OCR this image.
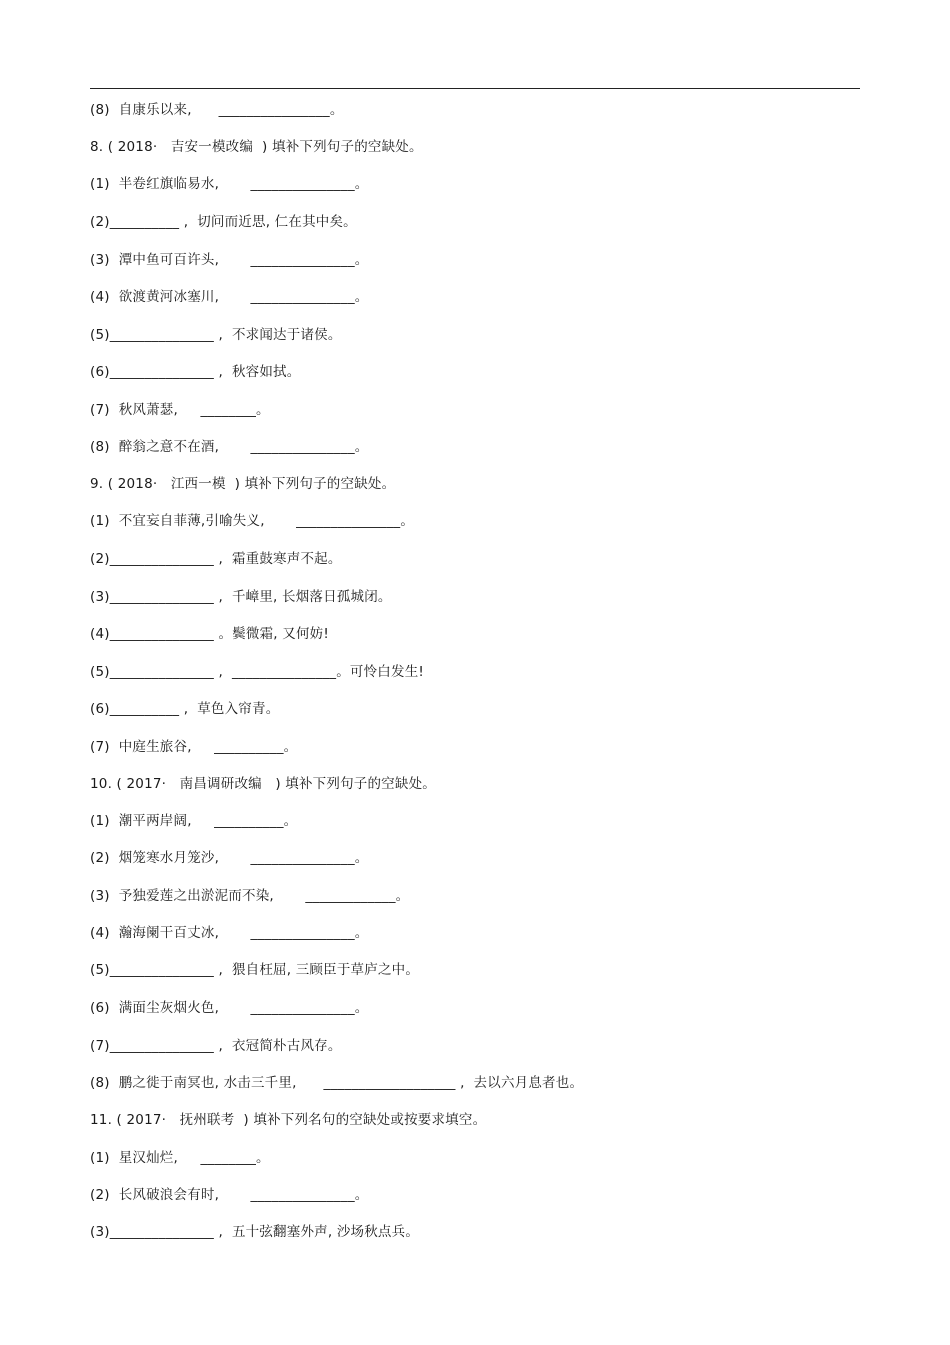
(8)  自康乐以来,      ________________。
8. ( 2018·   吉安一模改编  ) 填补下列句子的空缺处。
(1)  半卷红旗临易水,       _______________。
(2)__________ ,  切问而近思, 仁在其中矣。
(3)  潭中鱼可百许头,       _______________。
(4)  欲渡黄河冰塞川,       _______________。
(5)_______________ ,  不求闻达于诸侯。
(6)_______________ ,  秋容如拭。
(7)  秋风萧瑟,     ________。
(8)  醉翁之意不在酒,       _______________。
9. ( 2018·   江西一模  ) 填补下列句子的空缺处。
(1)  不宜妄自菲薄,引喻失义,       _______________。
(2)_______________ ,  霜重鼓寒声不起。
(3)_______________ ,  千嶂里, 长烟落日孤城闭。
(4)_______________ 。鬓微霜, 又何妨!
(5)_______________ ,  _______________。可怜白发生!
(6)__________ ,  草色入帘青。
(7)  中庭生旅谷,     __________。
10. ( 2017·   南昌调研改编   ) 填补下列句子的空缺处。
(1)  潮平两岸阔,     __________。
(2)  烟笼寒水月笼沙,       _______________。
(3)  予独爱莲之出淤泥而不染,       _____________。
(4)  瀚海阑干百丈冰,       _______________。
(5)_______________ ,  猥自枉屈, 三顾臣于草庐之中。
(6)  满面尘灰烟火色,       _______________。
(7)_______________ ,  衣冠简朴古风存。
(8)  鹏之徙于南冥也, 水击三千里,      ___________________ ,  去以六月息者也。
11. ( 2017·   抚州联考  ) 填补下列名句的空缺处或按要求填空。
(1)  星汉灿烂,     ________。
(2)  长风破浪会有时,       _______________。
(3)_______________ ,  五十弦翻塞外声, 沙场秋点兵。
